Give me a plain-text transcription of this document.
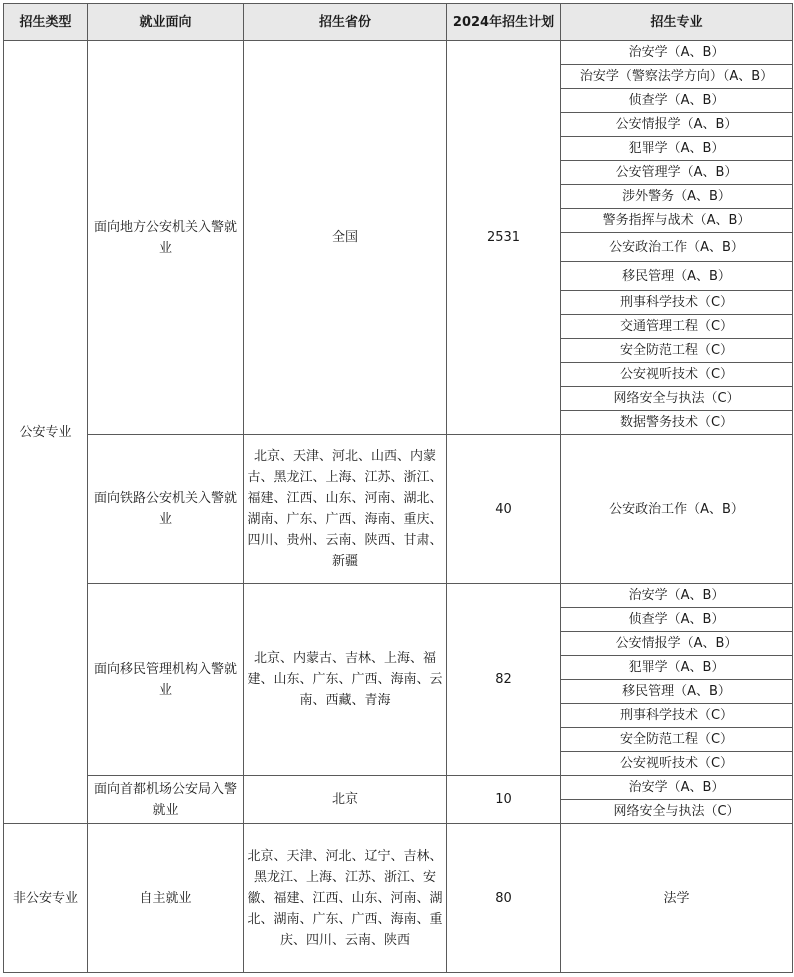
招生类型	就业面向	招生省份	2024年招生计划	招生专业
公安专业	面向地方公安机关入警就业	全国	2531	治安学（A、B）
				治安学（警察法学方向）（A、B）
				侦查学（A、B）
				公安情报学（A、B）
				犯罪学（A、B）
				公安管理学（A、B）
				涉外警务（A、B）
				警务指挥与战术（A、B）
				公安政治工作（A、B）
				移民管理（A、B）
				刑事科学技术（C）
				交通管理工程（C）
				安全防范工程（C）
				公安视听技术（C）
				网络安全与执法（C）
				数据警务技术（C）
	面向铁路公安机关入警就业	北京、天津、河北、山西、内蒙古、黑龙江、上海、江苏、浙江、福建、江西、山东、河南、湖北、湖南、广东、广西、海南、重庆、四川、贵州、云南、陕西、甘肃、新疆	40	公安政治工作（A、B）
	面向移民管理机构入警就业	北京、内蒙古、吉林、上海、福建、山东、广东、广西、海南、云南、西藏、青海	82	治安学（A、B）
				侦查学（A、B）
				公安情报学（A、B）
				犯罪学（A、B）
				移民管理（A、B）
				刑事科学技术（C）
				安全防范工程（C）
				公安视听技术（C）
	面向首都机场公安局入警就业	北京	10	治安学（A、B）
				网络安全与执法（C）
非公安专业	自主就业	北京、天津、河北、辽宁、吉林、黑龙江、上海、江苏、浙江、安徽、福建、江西、山东、河南、湖北、湖南、广东、广西、海南、重庆、四川、云南、陕西	80	法学
